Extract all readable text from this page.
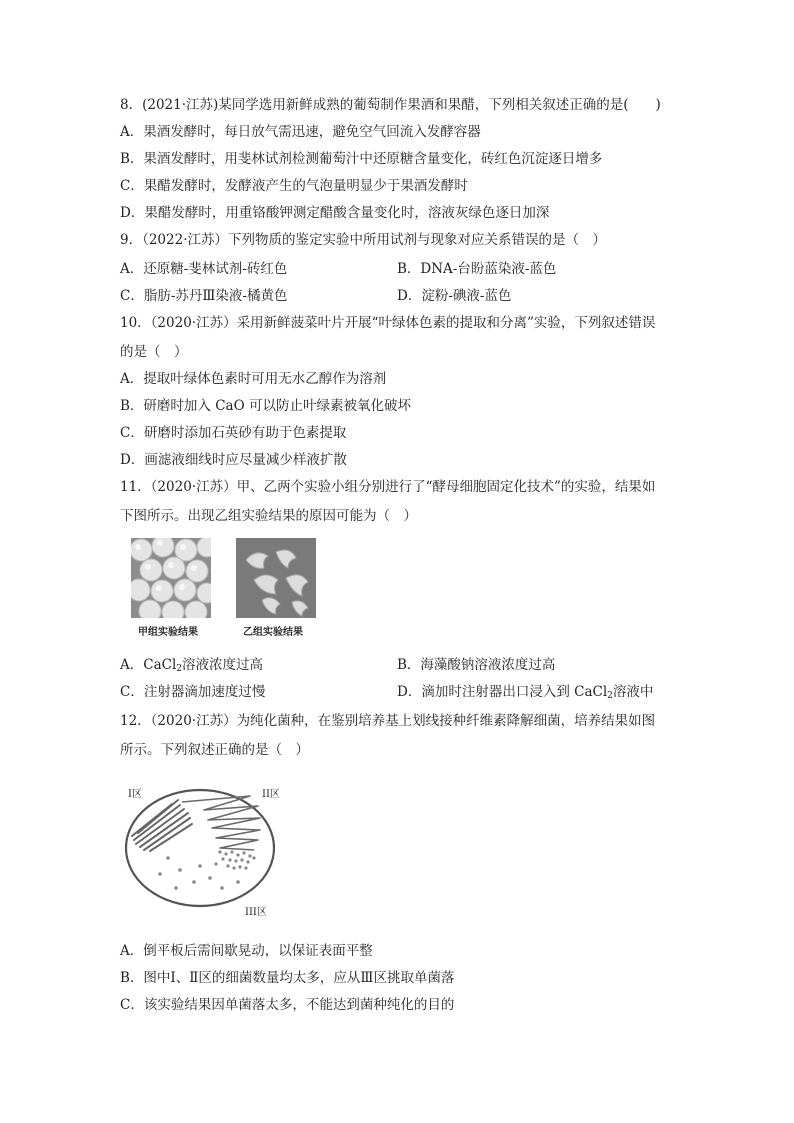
8．(2021·江苏)某同学选用新鲜成熟的葡萄制作果酒和果醋，下列相关叙述正确的是(　　)
A．果酒发酵时，每日放气需迅速，避免空气回流入发酵容器
B．果酒发酵时，用斐林试剂检测葡萄汁中还原糖含量变化，砖红色沉淀逐日增多
C．果醋发酵时，发酵液产生的气泡量明显少于果酒发酵时
D．果醋发酵时，用重铬酸钾测定醋酸含量变化时，溶液灰绿色逐日加深
9．（2022·江苏）下列物质的鉴定实验中所用试剂与现象对应关系错误的是（　）
A．还原糖-斐林试剂-砖红色	B．DNA-台盼蓝染液-蓝色
C．脂肪-苏丹Ⅲ染液-橘黄色	D．淀粉-碘液-蓝色
10．（2020·江苏）采用新鲜菠菜叶片开展“叶绿体色素的提取和分离”实验，下列叙述错误
的是（　）
A．提取叶绿体色素时可用无水乙醇作为溶剂
B．研磨时加入 CaO 可以防止叶绿素被氧化破坏
C．研磨时添加石英砂有助于色素提取
D．画滤液细线时应尽量减少样液扩散
11．（2020·江苏）甲、乙两个实验小组分别进行了“酵母细胞固定化技术”的实验，结果如
下图所示。出现乙组实验结果的原因可能为（　）
甲组实验结果	乙组实验结果
A．CaCl$_2$溶液浓度过高	B．海藻酸钠溶液浓度过高
C．注射器滴加速度过慢	D．滴加时注射器出口浸入到 CaCl$_2$溶液中
12．（2020·江苏）为纯化菌种，在鉴别培养基上划线接种纤维素降解细菌，培养结果如图
所示。下列叙述正确的是（　）
I区	II区
III区
A．倒平板后需间歇晃动，以保证表面平整
B．图中Ⅰ、Ⅱ区的细菌数量均太多，应从Ⅲ区挑取单菌落
C．该实验结果因单菌落太多，不能达到菌种纯化的目的
